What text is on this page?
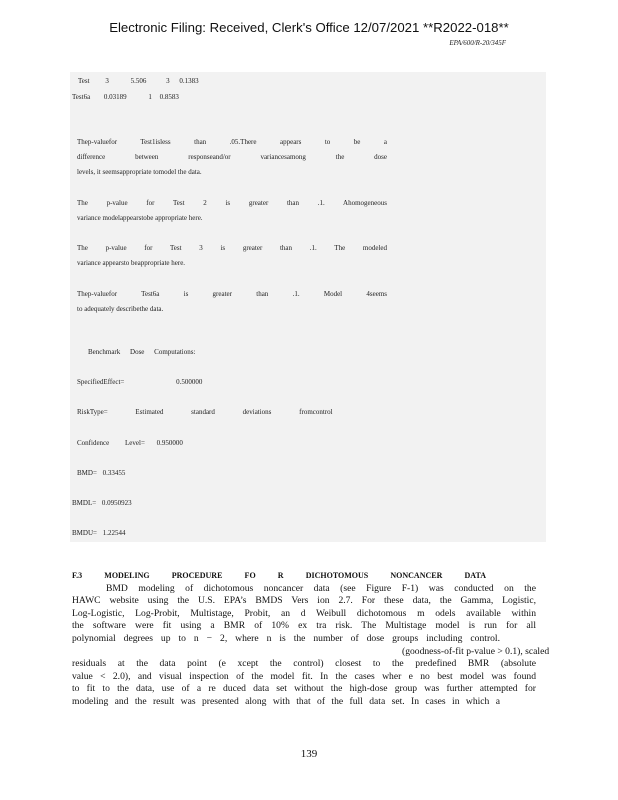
Electronic Filing: Received, Clerk's Office 12/07/2021 **R2022-018**
EPA/600/R-20/345F
Test 3	5.506	3 0.1383
Test6a 0.03189	1 0.8583

Thep-valuefor Test1isless than .05.There appears to be a

difference between responseand/or variancesamong the dose

levels, it seemsappropriate tomodel the data.

The p-value for Test 2 is greater than .1. Ahomogeneous

variance modelappearstobe appropriate here.

The p-value for Test 3 is greater than .1. The modeled

variance appearsto beappropriate here.

Thep-valuefor Test6a is greater than .1. Model 4seems

to adequately describethe data.

Benchmark Dose Computations:
SpecifiedEffect=	0.500000
RiskType= Estimated standard deviations fromcontrol
Confidence Level= 0.950000
BMD= 0.33455
BMDL= 0.0950923
BMDU= 1.22544
F.3 MODELING PROCEDURE FO R DICHOTOMOUS NONCANCER DATA
BMD modeling of dichotomous noncancer data (see Figure F-1) was conducted on the
HAWC website using the U.S. EPA’s BMDS Vers ion 2.7. For these data, the Gamma, Logistic,
Log-Logistic, Log-Probit, Multistage, Probit, an d Weibull dichotomous m odels available within
the software were fit using a BMR of 10% ex tra risk. The Multistage model is run for all
polynomial degrees up to n − 2, where n is the number of dose groups including control.
(goodness-of-fit p-value > 0.1), scaled
residuals at the data point (e xcept the control) closest to the predefined BMR (absolute
value < 2.0), and visual inspection of the model fit. In the cases wher e no best model was found
to fit to the data, use of a re duced data set without the high-dose group was further attempted for
modeling and the result was presented along with that of the full data set. In cases in which a
139
